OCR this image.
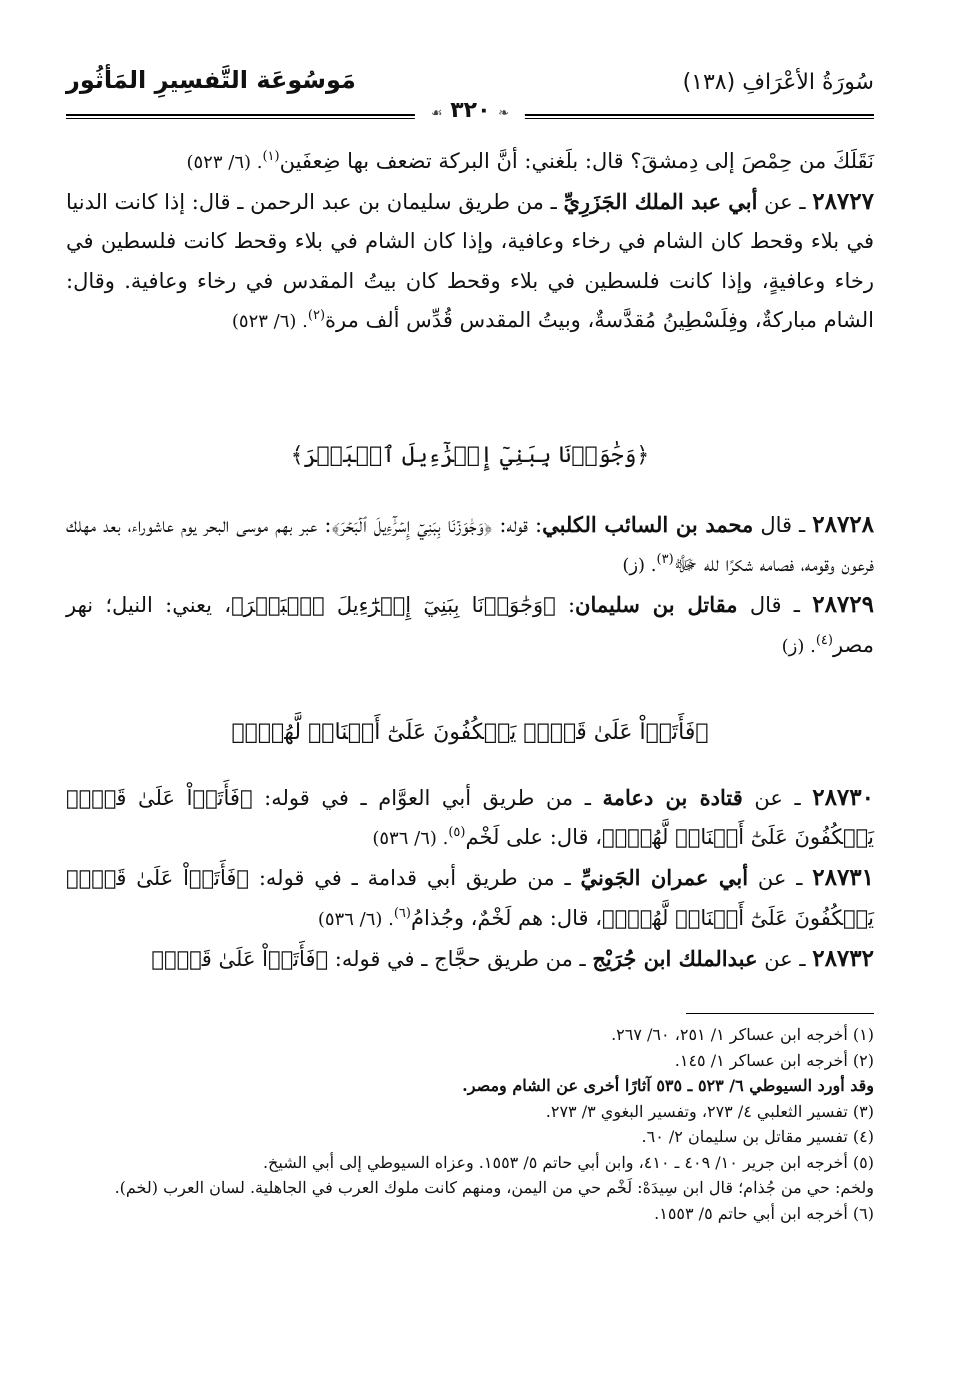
سُورَةُ الأعْرَافِ (١٣٨)
مَوسُوعَة التَّفسِيرِ المَأثُور
❧ ٣٢٠ ☙

نَقَلَكَ من حِمْصَ إلى دِمشقَ؟ قال: بلَغني: أنَّ البركة تضعف بها ضِعفَين$^{(١)}$. (٦/ ٥٢٣)

٢٨٧٢٧ ـ عن أبي عبد الملك الجَزَرِيِّ ـ من طريق سليمان بن عبد الرحمن ـ قال: إذا كانت الدنيا في بلاء وقحط كان الشام في رخاء وعافية، وإذا كان الشام في بلاء وقحط كانت فلسطين في رخاء وعافيةٍ، وإذا كانت فلسطين في بلاء وقحط كان بيتُ المقدس في رخاء وعافية. وقال: الشام مباركةٌ، وفِلَسْطِينُ مُقدَّسةٌ، وبيتُ المقدس قُدِّس ألف مرة$^{(٢)}$. (٦/ ٥٢٣)

﴿وَجَٰوَزۡنَا بِبَنِيٓ إِسۡرَٰٓءِيلَ ٱلۡبَحۡرَ﴾

٢٨٧٢٨ ـ قال محمد بن السائب الكلبي: قوله: ﴿وَجَٰوَزۡنَا بِبَنِيٓ إِسۡرَٰٓءِيلَ ٱلۡبَحۡرَ﴾: عبر بهم موسى البحر يوم عاشوراء، بعد مهلك فرعون وقومه، فصامه شكرًا لله ﷻ$^{(٣)}$. (ز)

٢٨٧٢٩ ـ قال مقاتل بن سليمان: ﴿وَجَٰوَزۡنَا بِبَنِيٓ إِسۡرَٰٓءِيلَ ٱلۡبَحۡرَ﴾، يعني: النيل؛ نهر مصر$^{(٤)}$. (ز)

﴿فَأَتَوۡاْ عَلَىٰ قَوۡمٖ يَعۡكُفُونَ عَلَىٰٓ أَصۡنَامٖ لَّهُمۡۚ﴾

٢٨٧٣٠ ـ عن قتادة بن دعامة ـ من طريق أبي العوَّام ـ في قوله: ﴿فَأَتَوۡاْ عَلَىٰ قَوۡمٖ يَعۡكُفُونَ عَلَىٰٓ أَصۡنَامٖ لَّهُمۡۚ﴾، قال: على لَخْم$^{(٥)}$. (٦/ ٥٣٦)

٢٨٧٣١ ـ عن أبي عمران الجَونيِّ ـ من طريق أبي قدامة ـ في قوله: ﴿فَأَتَوۡاْ عَلَىٰ قَوۡمٖ يَعۡكُفُونَ عَلَىٰٓ أَصۡنَامٖ لَّهُمۡۚ﴾، قال: هم لَخْمٌ، وجُذامُ$^{(٦)}$. (٦/ ٥٣٦)

٢٨٧٣٢ ـ عن عبدالملك ابن جُرَيْج ـ من طريق حجَّاج ـ في قوله: ﴿فَأَتَوۡاْ عَلَىٰ قَوۡمٖ

(١) أخرجه ابن عساكر ١/ ٢٥١، ٦٠/ ٢٦٧.
(٢) أخرجه ابن عساكر ١/ ١٤٥.
وقد أورد السيوطي ٦/ ٥٢٣ ـ ٥٣٥ آثارًا أخرى عن الشام ومصر.
(٣) تفسير الثعلبي ٤/ ٢٧٣، وتفسير البغوي ٣/ ٢٧٣.
(٤) تفسير مقاتل بن سليمان ٢/ ٦٠.
(٥) أخرجه ابن جرير ١٠/ ٤٠٩ ـ ٤١٠، وابن أبي حاتم ٥/ ١٥٥٣. وعزاه السيوطي إلى أبي الشيخ.
ولخم: حي من جُذام؛ قال ابن سِيدَهْ: لَخْم حي من اليمن، ومنهم كانت ملوك العرب في الجاهلية. لسان العرب (لخم).
(٦) أخرجه ابن أبي حاتم ٥/ ١٥٥٣.
